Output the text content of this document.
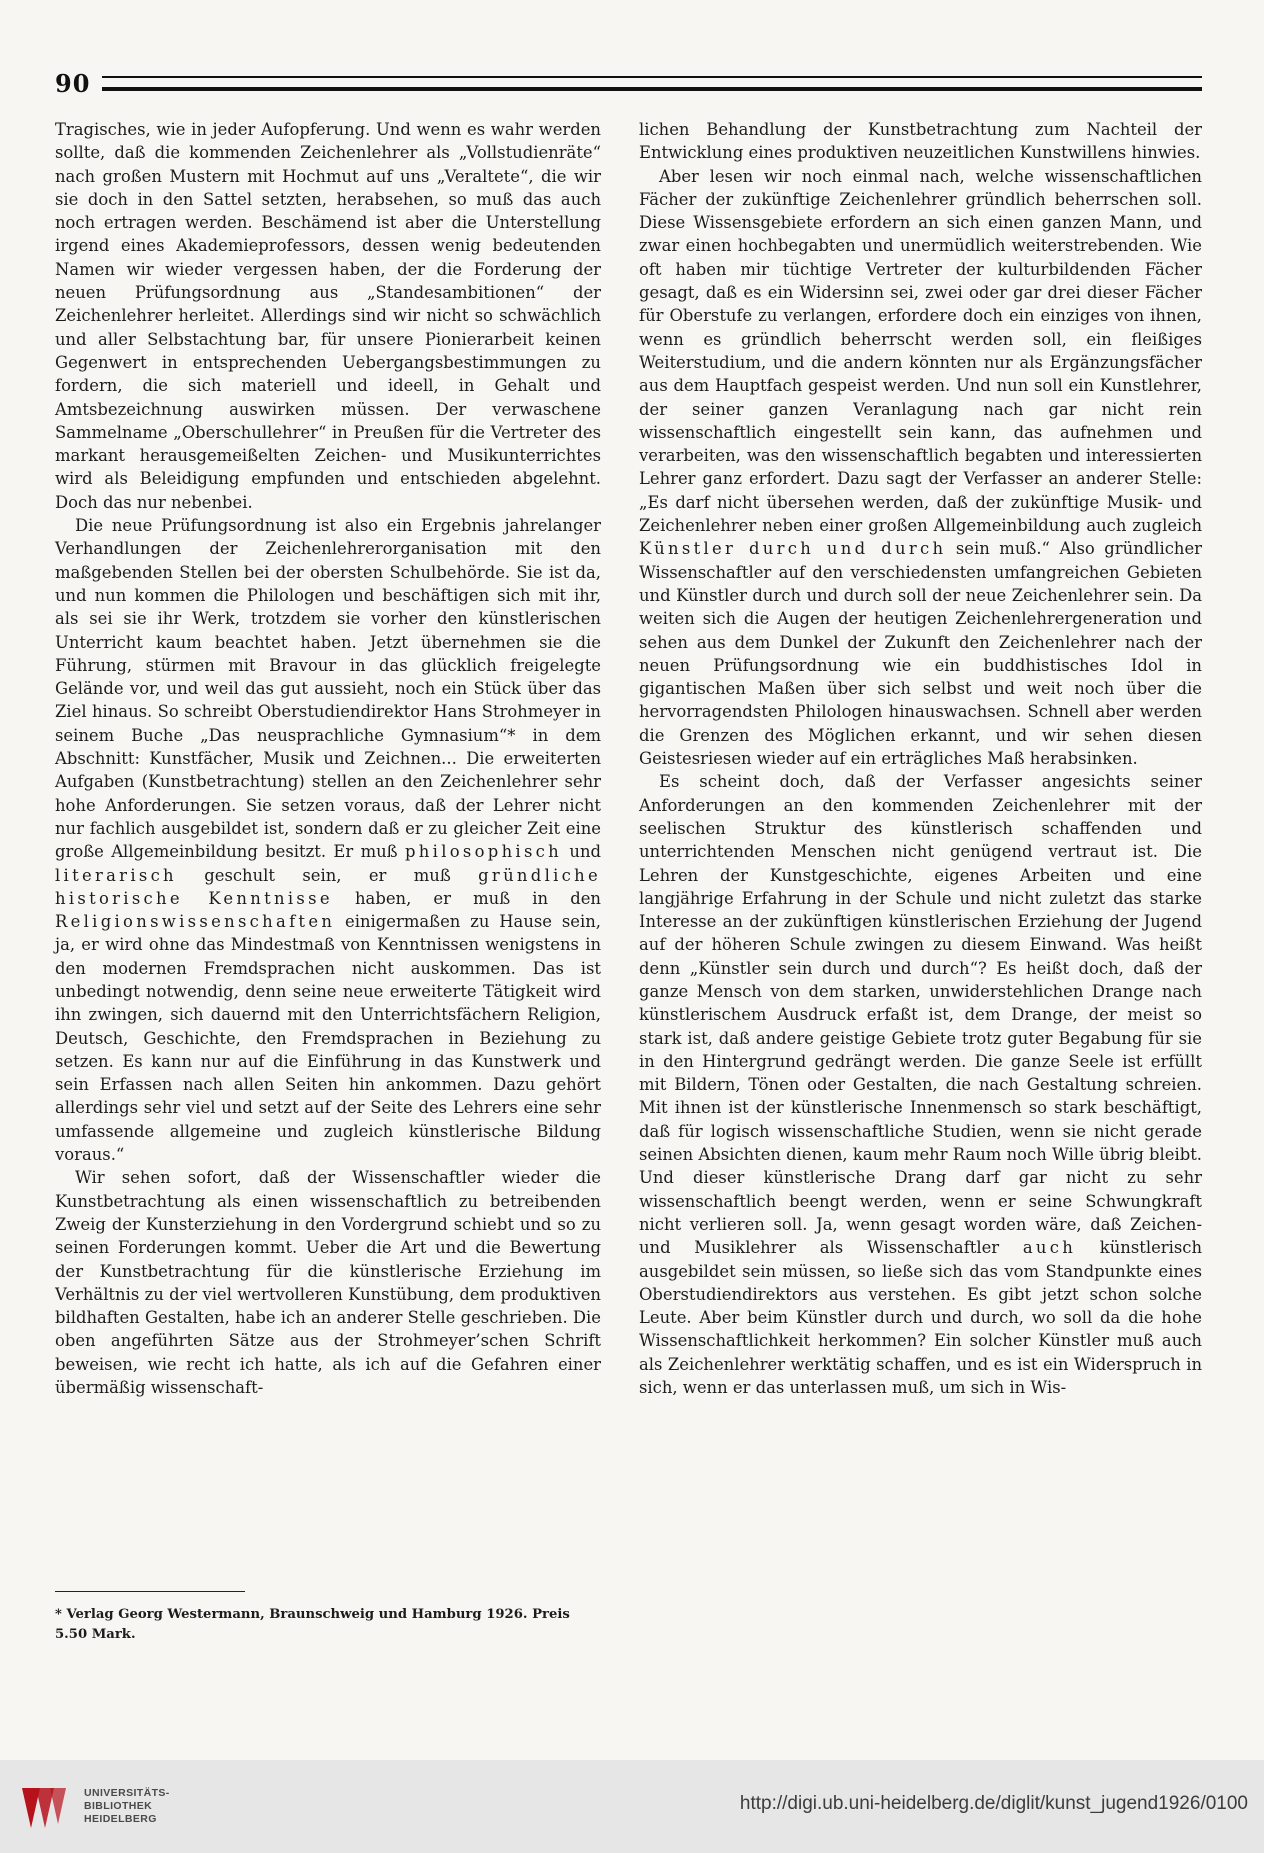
90

Tragisches, wie in jeder Aufopferung. Und wenn es wahr werden sollte, daß die kommenden Zeichenlehrer als „Vollstudienräte“ nach großen Mustern mit Hochmut auf uns „Veraltete“, die wir sie doch in den Sattel setzten, herabsehen, so muß das auch noch ertragen werden. Beschämend ist aber die Unterstellung irgend eines Akademieprofessors, dessen wenig bedeutenden Namen wir wieder vergessen haben, der die Forderung der neuen Prüfungsordnung aus „Standesambitionen“ der Zeichenlehrer herleitet. Allerdings sind wir nicht so schwächlich und aller Selbstachtung bar, für unsere Pionierarbeit keinen Gegenwert in entsprechenden Uebergangsbestimmungen zu fordern, die sich materiell und ideell, in Gehalt und Amtsbezeichnung auswirken müssen. Der verwaschene Sammelname „Oberschullehrer“ in Preußen für die Vertreter des markant herausgemeißelten Zeichen- und Musikunterrichtes wird als Beleidigung empfunden und entschieden abgelehnt. Doch das nur nebenbei.

Die neue Prüfungsordnung ist also ein Ergebnis jahrelanger Verhandlungen der Zeichenlehrerorganisation mit den maßgebenden Stellen bei der obersten Schulbehörde. Sie ist da, und nun kommen die Philologen und beschäftigen sich mit ihr, als sei sie ihr Werk, trotzdem sie vorher den künstlerischen Unterricht kaum beachtet haben. Jetzt übernehmen sie die Führung, stürmen mit Bravour in das glücklich freigelegte Gelände vor, und weil das gut aussieht, noch ein Stück über das Ziel hinaus. So schreibt Oberstudiendirektor Hans Strohmeyer in seinem Buche „Das neusprachliche Gymnasium“* in dem Abschnitt: Kunstfächer, Musik und Zeichnen... Die erweiterten Aufgaben (Kunstbetrachtung) stellen an den Zeichenlehrer sehr hohe Anforderungen. Sie setzen voraus, daß der Lehrer nicht nur fachlich ausgebildet ist, sondern daß er zu gleicher Zeit eine große Allgemeinbildung besitzt. Er muß philosophisch und literarisch geschult sein, er muß gründliche historische Kenntnisse haben, er muß in den Religionswissenschaften einigermaßen zu Hause sein, ja, er wird ohne das Mindestmaß von Kenntnissen wenigstens in den modernen Fremdsprachen nicht auskommen. Das ist unbedingt notwendig, denn seine neue erweiterte Tätigkeit wird ihn zwingen, sich dauernd mit den Unterrichtsfächern Religion, Deutsch, Geschichte, den Fremdsprachen in Beziehung zu setzen. Es kann nur auf die Einführung in das Kunstwerk und sein Erfassen nach allen Seiten hin ankommen. Dazu gehört allerdings sehr viel und setzt auf der Seite des Lehrers eine sehr umfassende allgemeine und zugleich künstlerische Bildung voraus.“

Wir sehen sofort, daß der Wissenschaftler wieder die Kunstbetrachtung als einen wissenschaftlich zu betreibenden Zweig der Kunsterziehung in den Vordergrund schiebt und so zu seinen Forderungen kommt. Ueber die Art und die Bewertung der Kunstbetrachtung für die künstlerische Erziehung im Verhältnis zu der viel wertvolleren Kunstübung, dem produktiven bildhaften Gestalten, habe ich an anderer Stelle geschrieben. Die oben angeführten Sätze aus der Strohmeyer’schen Schrift beweisen, wie recht ich hatte, als ich auf die Gefahren einer übermäßig wissenschaft-

lichen Behandlung der Kunstbetrachtung zum Nachteil der Entwicklung eines produktiven neuzeitlichen Kunstwillens hinwies.

Aber lesen wir noch einmal nach, welche wissenschaftlichen Fächer der zukünftige Zeichenlehrer gründlich beherrschen soll. Diese Wissensgebiete erfordern an sich einen ganzen Mann, und zwar einen hochbegabten und unermüdlich weiterstrebenden. Wie oft haben mir tüchtige Vertreter der kulturbildenden Fächer gesagt, daß es ein Widersinn sei, zwei oder gar drei dieser Fächer für Oberstufe zu verlangen, erfordere doch ein einziges von ihnen, wenn es gründlich beherrscht werden soll, ein fleißiges Weiterstudium, und die andern könnten nur als Ergänzungsfächer aus dem Hauptfach gespeist werden. Und nun soll ein Kunstlehrer, der seiner ganzen Veranlagung nach gar nicht rein wissenschaftlich eingestellt sein kann, das aufnehmen und verarbeiten, was den wissenschaftlich begabten und interessierten Lehrer ganz erfordert. Dazu sagt der Verfasser an anderer Stelle: „Es darf nicht übersehen werden, daß der zukünftige Musik- und Zeichenlehrer neben einer großen Allgemeinbildung auch zugleich Künstler durch und durch sein muß.“ Also gründlicher Wissenschaftler auf den verschiedensten umfangreichen Gebieten und Künstler durch und durch soll der neue Zeichenlehrer sein. Da weiten sich die Augen der heutigen Zeichenlehrergeneration und sehen aus dem Dunkel der Zukunft den Zeichenlehrer nach der neuen Prüfungsordnung wie ein buddhistisches Idol in gigantischen Maßen über sich selbst und weit noch über die hervorragendsten Philologen hinauswachsen. Schnell aber werden die Grenzen des Möglichen erkannt, und wir sehen diesen Geistesriesen wieder auf ein erträgliches Maß herabsinken.

Es scheint doch, daß der Verfasser angesichts seiner Anforderungen an den kommenden Zeichenlehrer mit der seelischen Struktur des künstlerisch schaffenden und unterrichtenden Menschen nicht genügend vertraut ist. Die Lehren der Kunstgeschichte, eigenes Arbeiten und eine langjährige Erfahrung in der Schule und nicht zuletzt das starke Interesse an der zukünftigen künstlerischen Erziehung der Jugend auf der höheren Schule zwingen zu diesem Einwand. Was heißt denn „Künstler sein durch und durch“? Es heißt doch, daß der ganze Mensch von dem starken, unwiderstehlichen Drange nach künstlerischem Ausdruck erfaßt ist, dem Drange, der meist so stark ist, daß andere geistige Gebiete trotz guter Begabung für sie in den Hintergrund gedrängt werden. Die ganze Seele ist erfüllt mit Bildern, Tönen oder Gestalten, die nach Gestaltung schreien. Mit ihnen ist der künstlerische Innenmensch so stark beschäftigt, daß für logisch wissenschaftliche Studien, wenn sie nicht gerade seinen Absichten dienen, kaum mehr Raum noch Wille übrig bleibt. Und dieser künstlerische Drang darf gar nicht zu sehr wissenschaftlich beengt werden, wenn er seine Schwungkraft nicht verlieren soll. Ja, wenn gesagt worden wäre, daß Zeichen- und Musiklehrer als Wissenschaftler auch künstlerisch ausgebildet sein müssen, so ließe sich das vom Standpunkte eines Oberstudiendirektors aus verstehen. Es gibt jetzt schon solche Leute. Aber beim Künstler durch und durch, wo soll da die hohe Wissenschaftlichkeit herkommen? Ein solcher Künstler muß auch als Zeichenlehrer werktätig schaffen, und es ist ein Widerspruch in sich, wenn er das unterlassen muß, um sich in Wis-

* Verlag Georg Westermann, Braunschweig und Hamburg 1926. Preis 5.50 Mark.
UNIVERSITÄTS-
BIBLIOTHEK
HEIDELBERG
http://digi.ub.uni-heidelberg.de/diglit/kunst_jugend1926/0100
